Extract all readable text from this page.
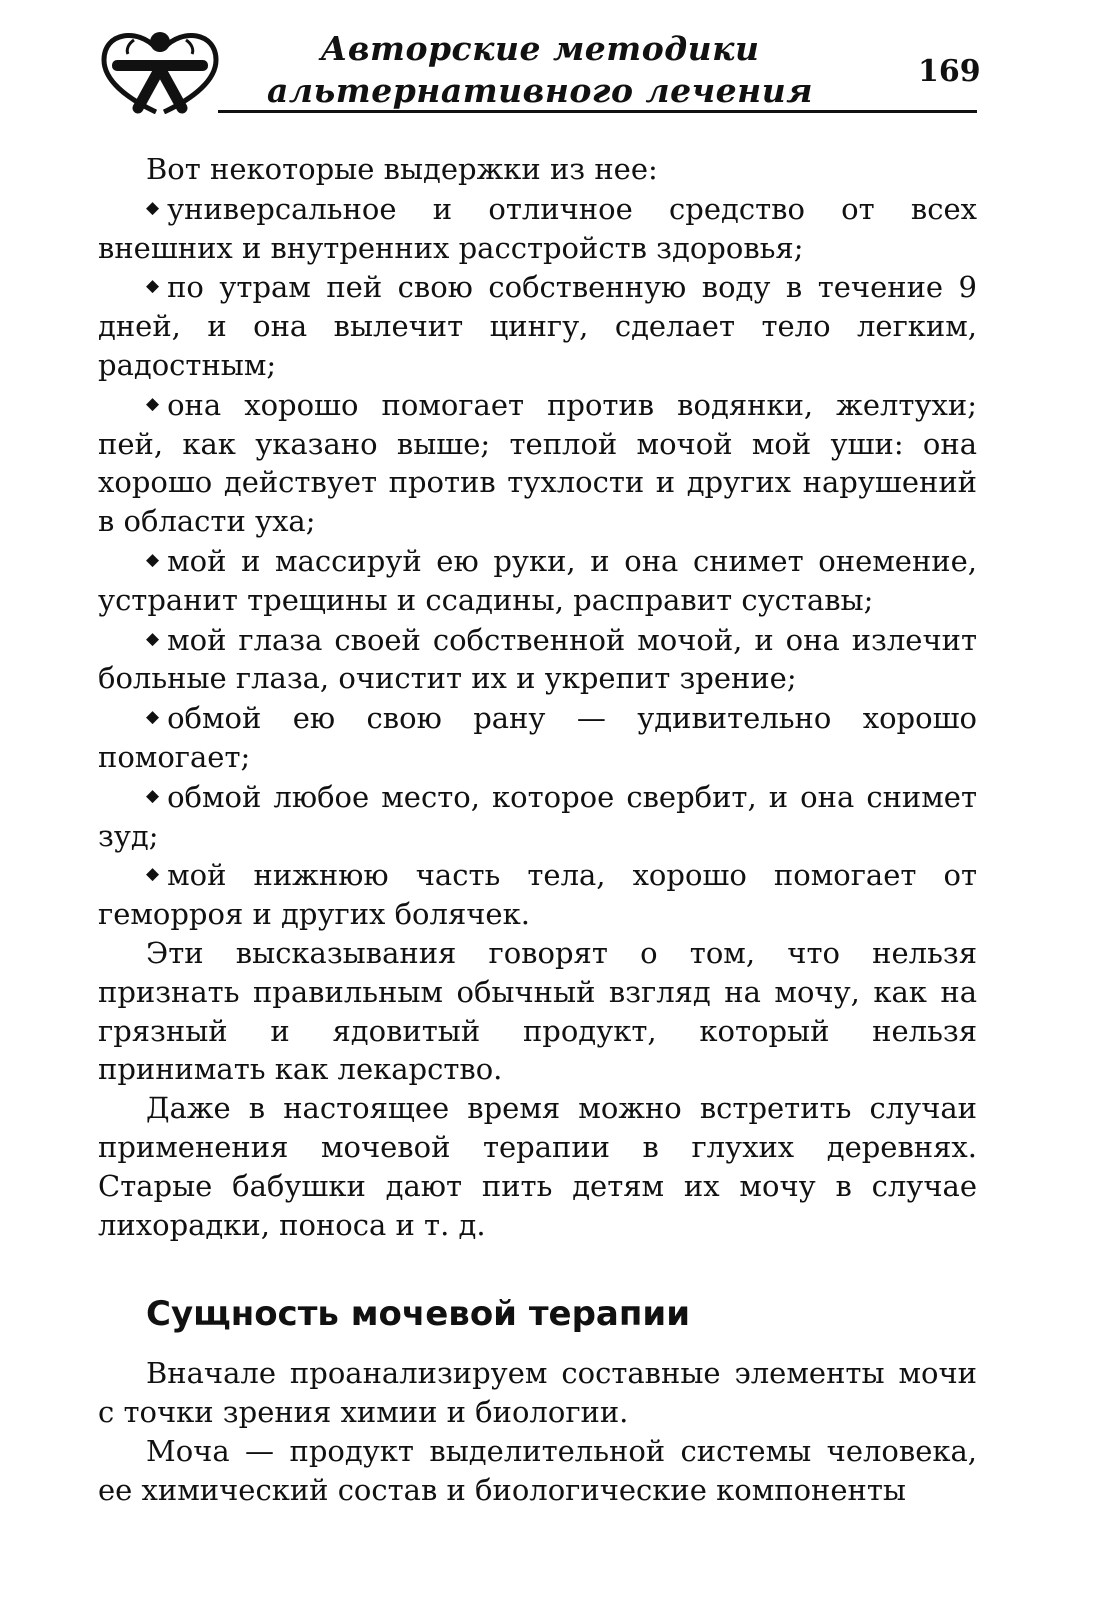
Авторские методики
альтернативного лечения	169

Вот некоторые выдержки из нее:

◆ универсальное и отличное средство от всех внешних и внутренних расстройств здоровья;

◆ по утрам пей свою собственную воду в течение 9 дней, и она вылечит цингу, сделает тело легким, радостным;

◆ она хорошо помогает против водянки, желтухи; пей, как указано выше; теплой мочой мой уши: она хорошо действует против тухлости и других нарушений в области уха;

◆ мой и массируй ею руки, и она снимет онемение, устранит трещины и ссадины, расправит суставы;

◆ мой глаза своей собственной мочой, и она излечит больные глаза, очистит их и укрепит зрение;

◆ обмой ею свою рану — удивительно хорошо помогает;

◆ обмой любое место, которое свербит, и она снимет зуд;

◆ мой нижнюю часть тела, хорошо помогает от геморроя и других болячек.

Эти высказывания говорят о том, что нельзя признать правильным обычный взгляд на мочу, как на грязный и ядовитый продукт, который нельзя принимать как лекарство.

Даже в настоящее время можно встретить случаи применения мочевой терапии в глухих деревнях. Старые бабушки дают пить детям их мочу в случае лихорадки, поноса и т. д.

Сущность мочевой терапии

Вначале проанализируем составные элементы мочи с точки зрения химии и биологии.

Моча — продукт выделительной системы человека, ее химический состав и биологические компоненты
